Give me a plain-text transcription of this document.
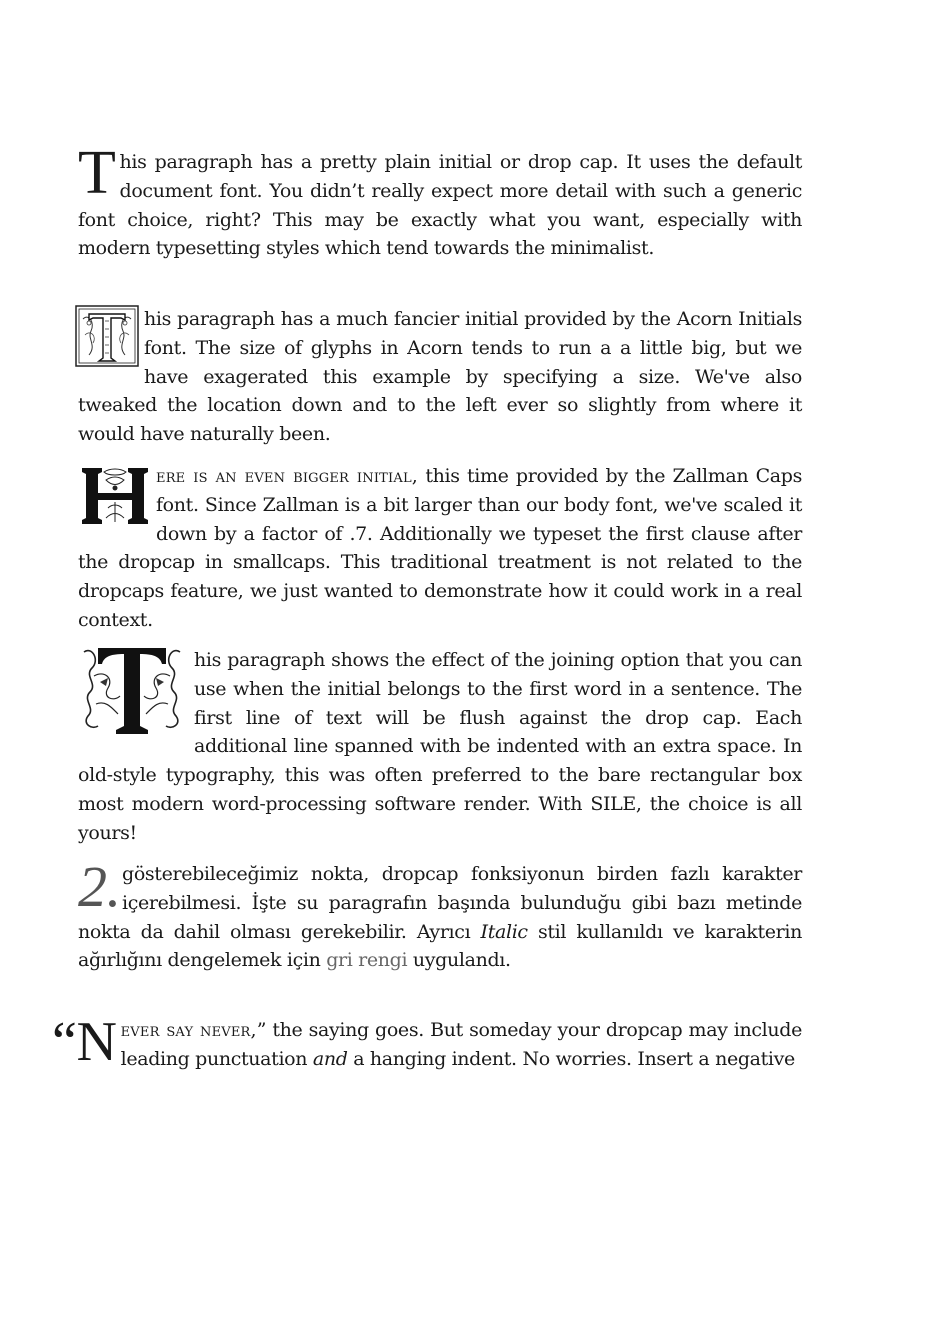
T his paragraph has a pretty plain initial or drop cap. It uses the default document font. You didn’t really expect more detail with such a generic font choice, right? This may be exactly what you want, especially with modern typesetting styles which tend towards the minimalist.

his paragraph has a much fancier initial provided by the Acorn Initials font. The size of glyphs in Acorn tends to run a a little big, but we have exagerated this example by specifying a size. We've also tweaked the location down and to the left ever so slightly from where it would have naturally been.

ere is an even bigger initial, this time provided by the Zallman Caps font. Since Zallman is a bit larger than our body font, we've scaled it down by a factor of .7. Additionally we typeset the first clause after the dropcap in smallcaps. This traditional treatment is not related to the dropcaps feature, we just wanted to demonstrate how it could work in a real context.

his paragraph shows the effect of the joining option that you can use when the initial belongs to the first word in a sentence. The first line of text will be flush against the drop cap. Each additional line spanned with be indented with an extra space. In old-style typography, this was often preferred to the bare rectangular box most modern word-processing software render. With SILE, the choice is all yours!

2. gösterebileceğimiz nokta, dropcap fonksiyonun birden fazlı karakter içerebilmesi. İşte su paragrafın başında bulunduğu gibi bazı metinde nokta da dahil olması gerekebilir. Ayrıcı Italic stil kullanıldı ve karakterin ağırlığını dengelemek için gri rengi uygulandı.

“N ever say never,” the saying goes. But someday your dropcap may include leading punctuation and a hanging indent. No worries. Insert a negative
